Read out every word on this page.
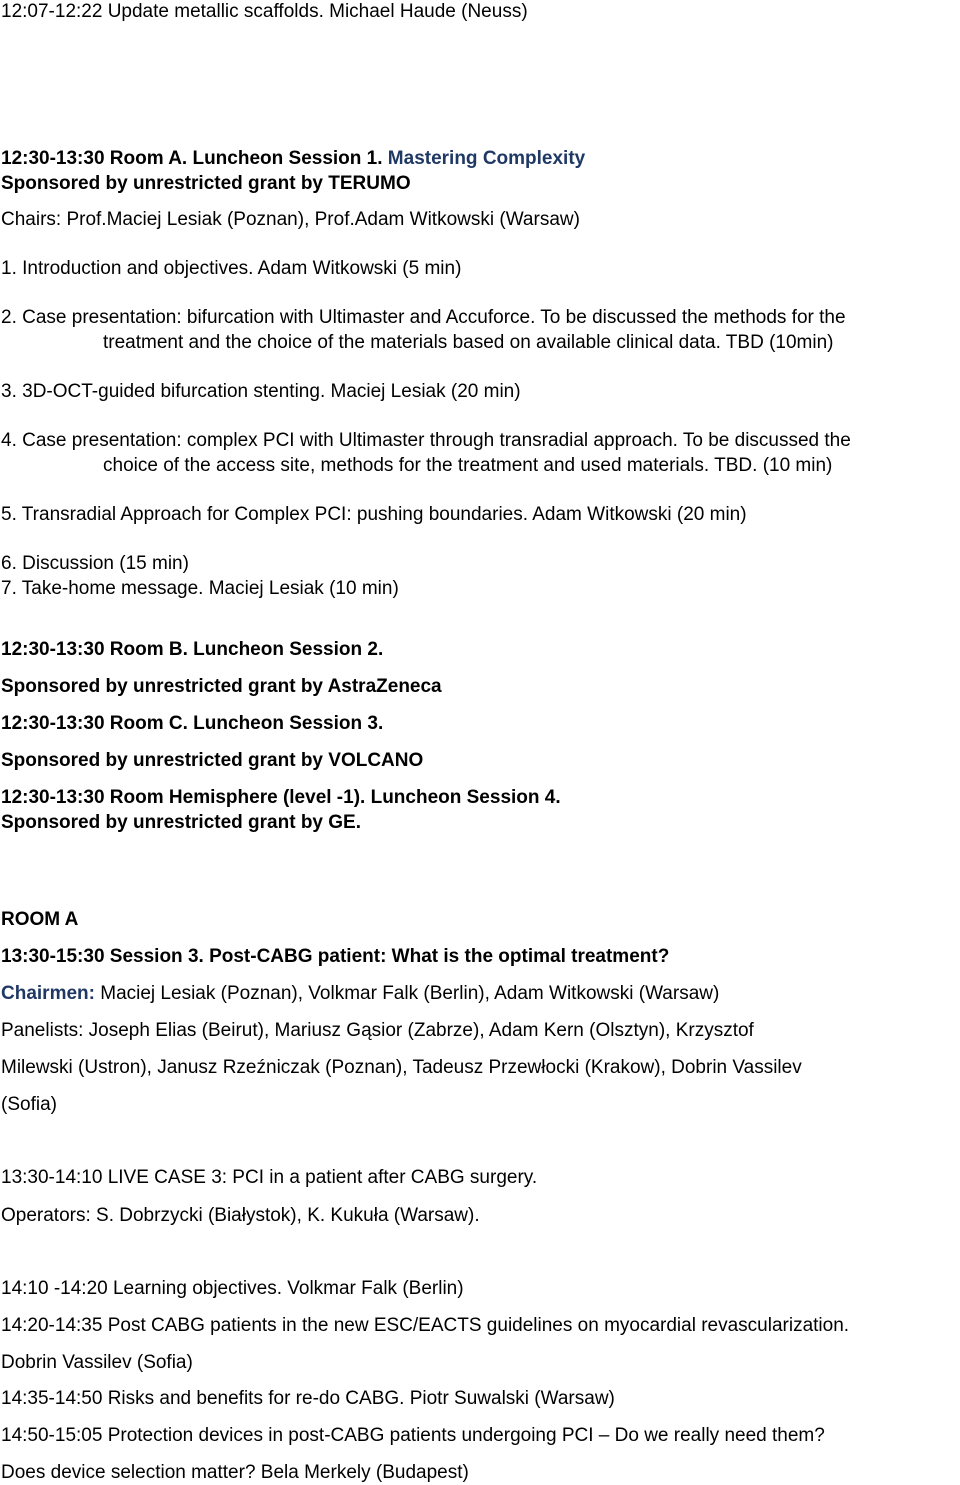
12:07-12:22 Update metallic scaffolds. Michael Haude (Neuss)
12:30-13:30 Room A. Luncheon Session 1. Mastering Complexity
Sponsored by unrestricted grant by TERUMO
Chairs: Prof.Maciej Lesiak (Poznan), Prof.Adam Witkowski (Warsaw)
1. Introduction and objectives. Adam Witkowski (5 min)
2. Case presentation: bifurcation with Ultimaster and Accuforce. To be discussed the methods for the
treatment and the choice of the materials based on available clinical data. TBD (10min)
3. 3D-OCT-guided bifurcation stenting. Maciej Lesiak (20 min)
4. Case presentation: complex PCI with Ultimaster through transradial approach. To be discussed the
choice of the access site, methods for the treatment and used materials. TBD. (10 min)
5. Transradial Approach for Complex PCI: pushing boundaries. Adam Witkowski (20 min)
6. Discussion (15 min)
7. Take-home message. Maciej Lesiak (10 min)
12:30-13:30 Room B. Luncheon Session 2.
Sponsored by unrestricted grant by AstraZeneca
12:30-13:30 Room C. Luncheon Session 3.
Sponsored by unrestricted grant by VOLCANO
12:30-13:30 Room Hemisphere (level -1). Luncheon Session 4.
Sponsored by unrestricted grant by GE.
ROOM A
13:30-15:30 Session 3. Post-CABG patient: What is the optimal treatment?
Chairmen: Maciej Lesiak (Poznan), Volkmar Falk (Berlin), Adam Witkowski (Warsaw)
Panelists: Joseph Elias (Beirut), Mariusz Gąsior (Zabrze), Adam Kern (Olsztyn), Krzysztof
Milewski (Ustron), Janusz Rzeźniczak (Poznan), Tadeusz Przewłocki (Krakow), Dobrin Vassilev
(Sofia)
13:30-14:10 LIVE CASE 3: PCI in a patient after CABG surgery.
Operators: S. Dobrzycki (Białystok), K. Kukuła (Warsaw).
14:10 -14:20 Learning objectives. Volkmar Falk (Berlin)
14:20-14:35 Post CABG patients in the new ESC/EACTS guidelines on myocardial revascularization.
Dobrin Vassilev (Sofia)
14:35-14:50 Risks and benefits for re-do CABG. Piotr Suwalski (Warsaw)
14:50-15:05 Protection devices in post-CABG patients undergoing PCI – Do we really need them?
Does device selection matter? Bela Merkely (Budapest)
